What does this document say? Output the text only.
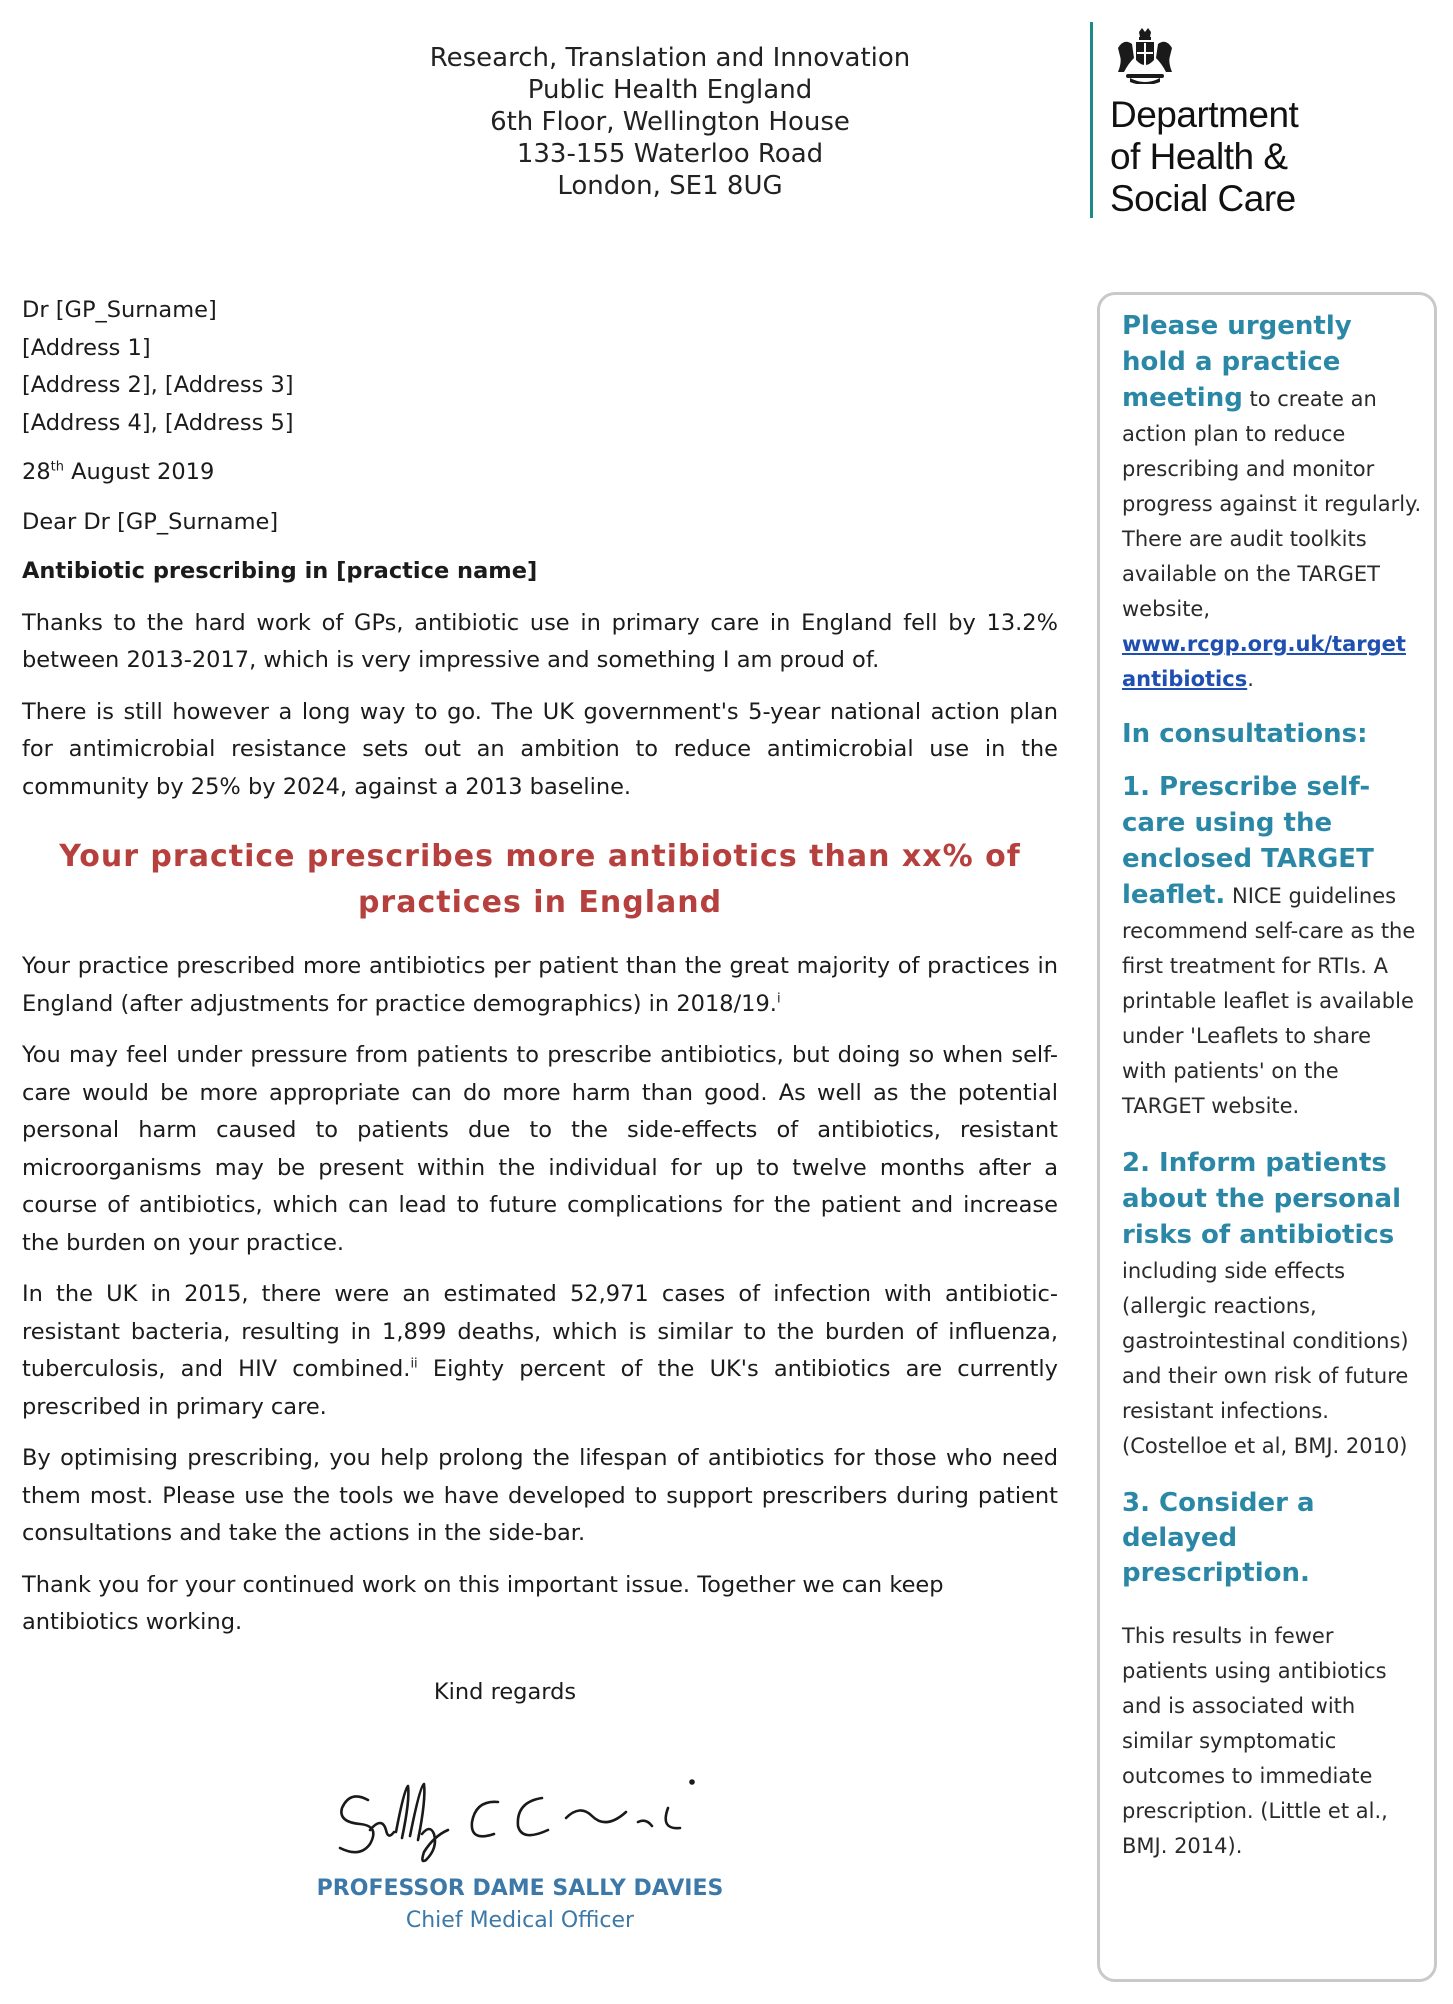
Research, Translation and Innovation
Public Health England
6th Floor, Wellington House
133-155 Waterloo Road
London, SE1 8UG
Department
of Health &
Social Care
Dr [GP_Surname]
[Address 1]
[Address 2], [Address 3]
[Address 4], [Address 5]
28th August 2019
Dear Dr [GP_Surname]
Antibiotic prescribing in [practice name]

Thanks to the hard work of GPs, antibiotic use in primary care in England fell by 13.2% between 2013-2017, which is very impressive and something I am proud of.

There is still however a long way to go. The UK government's 5-year national action plan for antimicrobial resistance sets out an ambition to reduce antimicrobial use in the community by 25% by 2024, against a 2013 baseline.

Your practice prescribes more antibiotics than xx% of
practices in England

Your practice prescribed more antibiotics per patient than the great majority of practices in England (after adjustments for practice demographics) in 2018/19.$^i$

You may feel under pressure from patients to prescribe antibiotics, but doing so when self-care would be more appropriate can do more harm than good. As well as the potential personal harm caused to patients due to the side-effects of antibiotics, resistant microorganisms may be present within the individual for up to twelve months after a course of antibiotics, which can lead to future complications for the patient and increase the burden on your practice.

In the UK in 2015, there were an estimated 52,971 cases of infection with antibiotic-resistant bacteria, resulting in 1,899 deaths, which is similar to the burden of influenza, tuberculosis, and HIV combined.$^{ii}$ Eighty percent of the UK's antibiotics are currently prescribed in primary care.

By optimising prescribing, you help prolong the lifespan of antibiotics for those who need them most. Please use the tools we have developed to support prescribers during patient consultations and take the actions in the side-bar.

Thank you for your continued work on this important issue. Together we can keep antibiotics working.

Kind regards
PROFESSOR DAME SALLY DAVIES
Chief Medical Officer
Please urgently hold a practice meeting to create an action plan to reduce prescribing and monitor progress against it regularly. There are audit toolkits available on the TARGET website, www.rcgp.org.uk/target antibiotics.
In consultations:
1. Prescribe self-care using the enclosed TARGET leaflet. NICE guidelines recommend self-care as the first treatment for RTIs. A printable leaflet is available under 'Leaflets to share with patients' on the TARGET website.
2. Inform patients about the personal risks of antibiotics including side effects (allergic reactions, gastrointestinal conditions) and their own risk of future resistant infections. (Costelloe et al, BMJ. 2010)
3. Consider a delayed prescription.
This results in fewer patients using antibiotics and is associated with similar symptomatic outcomes to immediate prescription. (Little et al., BMJ. 2014).
